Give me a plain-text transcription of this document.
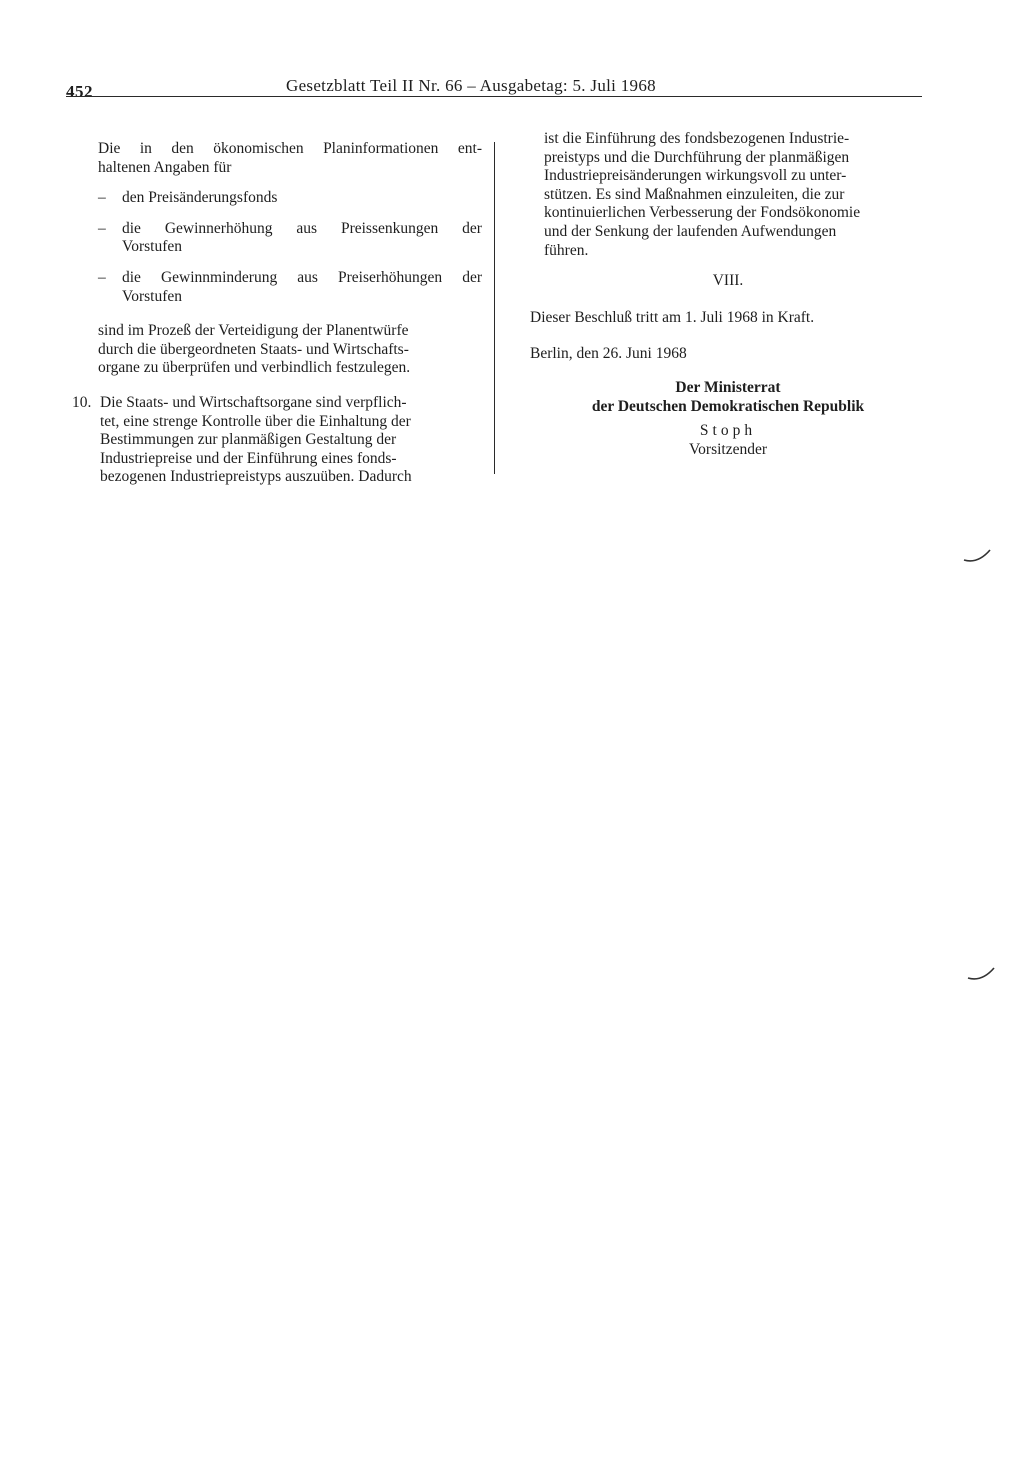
452	Gesetzblatt Teil II Nr. 66 – Ausgabetag: 5. Juli 1968
Die in den ökonomischen Planinformationen ent-
haltenen Angaben für
– den Preisänderungsfonds
– die Gewinnerhöhung aus Preissenkungen der
Vorstufen
– die Gewinnminderung aus Preiserhöhungen der
Vorstufen
sind im Prozeß der Verteidigung der Planentwürfe
durch die übergeordneten Staats- und Wirtschafts-
organe zu überprüfen und verbindlich festzulegen.
10. Die Staats- und Wirtschaftsorgane sind verpflich-
tet, eine strenge Kontrolle über die Einhaltung der
Bestimmungen zur planmäßigen Gestaltung der
Industriepreise und der Einführung eines fonds-
bezogenen Industriepreistyps auszuüben. Dadurch
ist die Einführung des fondsbezogenen Industrie-
preistyps und die Durchführung der planmäßigen
Industriepreisänderungen wirkungsvoll zu unter-
stützen. Es sind Maßnahmen einzuleiten, die zur
kontinuierlichen Verbesserung der Fondsökonomie
und der Senkung der laufenden Aufwendungen
führen.
VIII.
Dieser Beschluß tritt am 1. Juli 1968 in Kraft.
Berlin, den 26. Juni 1968
Der Ministerrat
der Deutschen Demokratischen Republik
Stoph
Vorsitzender
